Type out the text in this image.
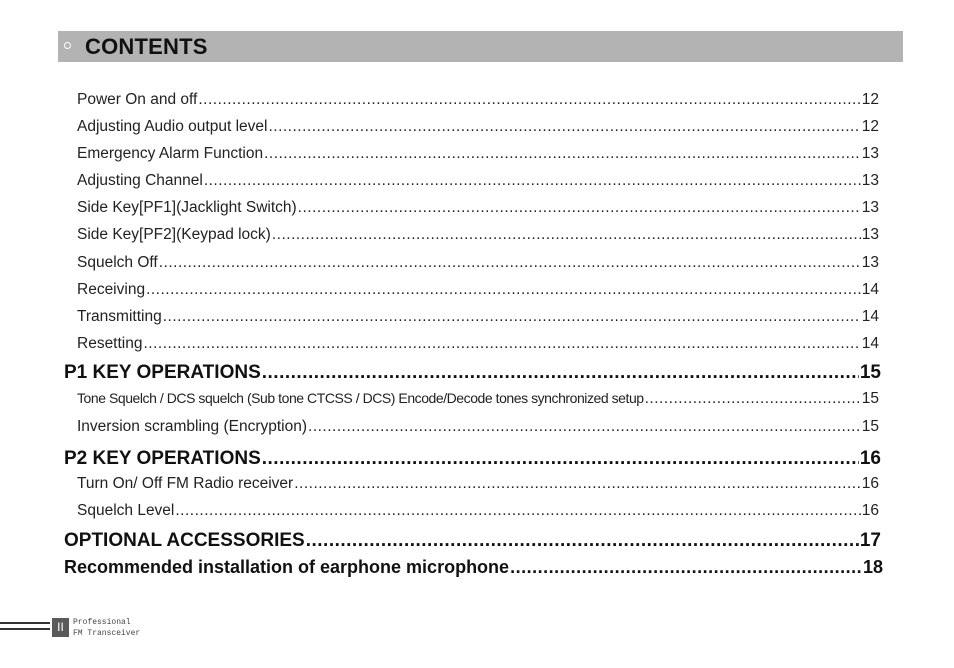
CONTENTS
Power On and off .....	12
Adjusting Audio output level .....	12
Emergency Alarm Function .....	13
Adjusting Channel .....	13
Side Key[PF1](Jacklight Switch) .....	13
Side Key[PF2](Keypad lock) .....	13
Squelch Off .....	13
Receiving .....	14
Transmitting .....	14
Resetting .....	14
P1 KEY OPERATIONS .....	15
Tone Squelch / DCS squelch (Sub tone CTCSS / DCS) Encode/Decode tones synchronized setup .....	15
Inversion scrambling (Encryption) .....	15
P2 KEY OPERATIONS .....	16
Turn On/ Off FM Radio receiver .....	16
Squelch Level .....	16
OPTIONAL ACCESSORIES .....	17
Recommended installation of earphone microphone .....	18
II	Professional
FM Transceiver
